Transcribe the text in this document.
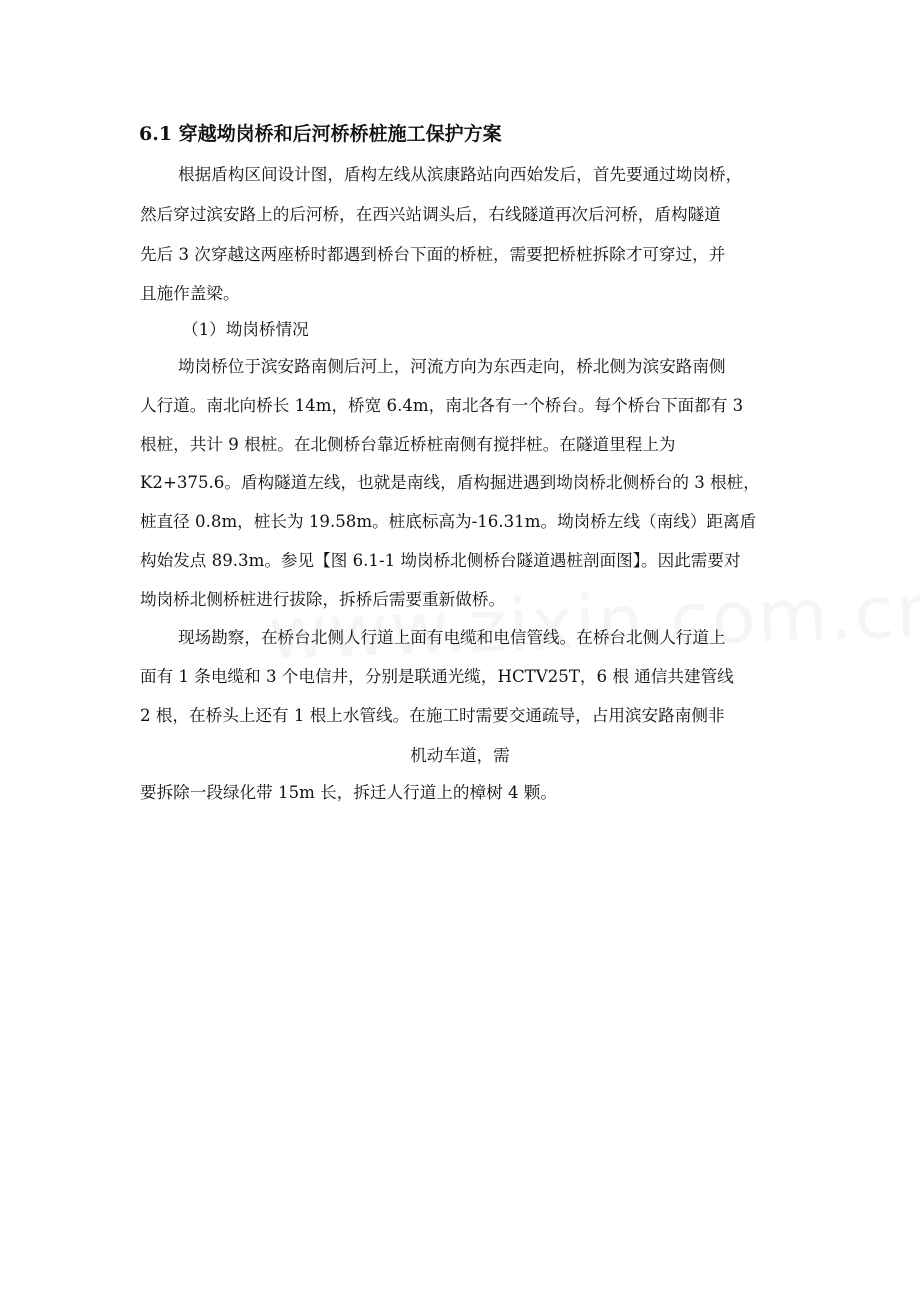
6.1 穿越坳岗桥和后河桥桥桩施工保护方案
根据盾构区间设计图，盾构左线从滨康路站向西始发后，首先要通过坳岗桥，
然后穿过滨安路上的后河桥，在西兴站调头后，右线隧道再次后河桥，盾构隧道
先后 3 次穿越这两座桥时都遇到桥台下面的桥桩，需要把桥桩拆除才可穿过，并
且施作盖梁。
（1）坳岗桥情况
坳岗桥位于滨安路南侧后河上，河流方向为东西走向，桥北侧为滨安路南侧
人行道。南北向桥长 14m，桥宽 6.4m，南北各有一个桥台。每个桥台下面都有 3
根桩，共计 9 根桩。在北侧桥台靠近桥桩南侧有搅拌桩。在隧道里程上为
K2+375.6。盾构隧道左线，也就是南线，盾构掘进遇到坳岗桥北侧桥台的 3 根桩，
桩直径 0.8m，桩长为 19.58m。桩底标高为-16.31m。坳岗桥左线（南线）距离盾
构始发点 89.3m。参见【图 6.1-1 坳岗桥北侧桥台隧道遇桩剖面图】。因此需要对
坳岗桥北侧桥桩进行拔除，拆桥后需要重新做桥。
现场勘察，在桥台北侧人行道上面有电缆和电信管线。在桥台北侧人行道上
面有 1 条电缆和 3 个电信井，分别是联通光缆，HCTV25T，6 根 通信共建管线
2 根，在桥头上还有 1 根上水管线。在施工时需要交通疏导，占用滨安路南侧非
机动车道，需
要拆除一段绿化带 15m 长，拆迁人行道上的樟树 4 颗。
